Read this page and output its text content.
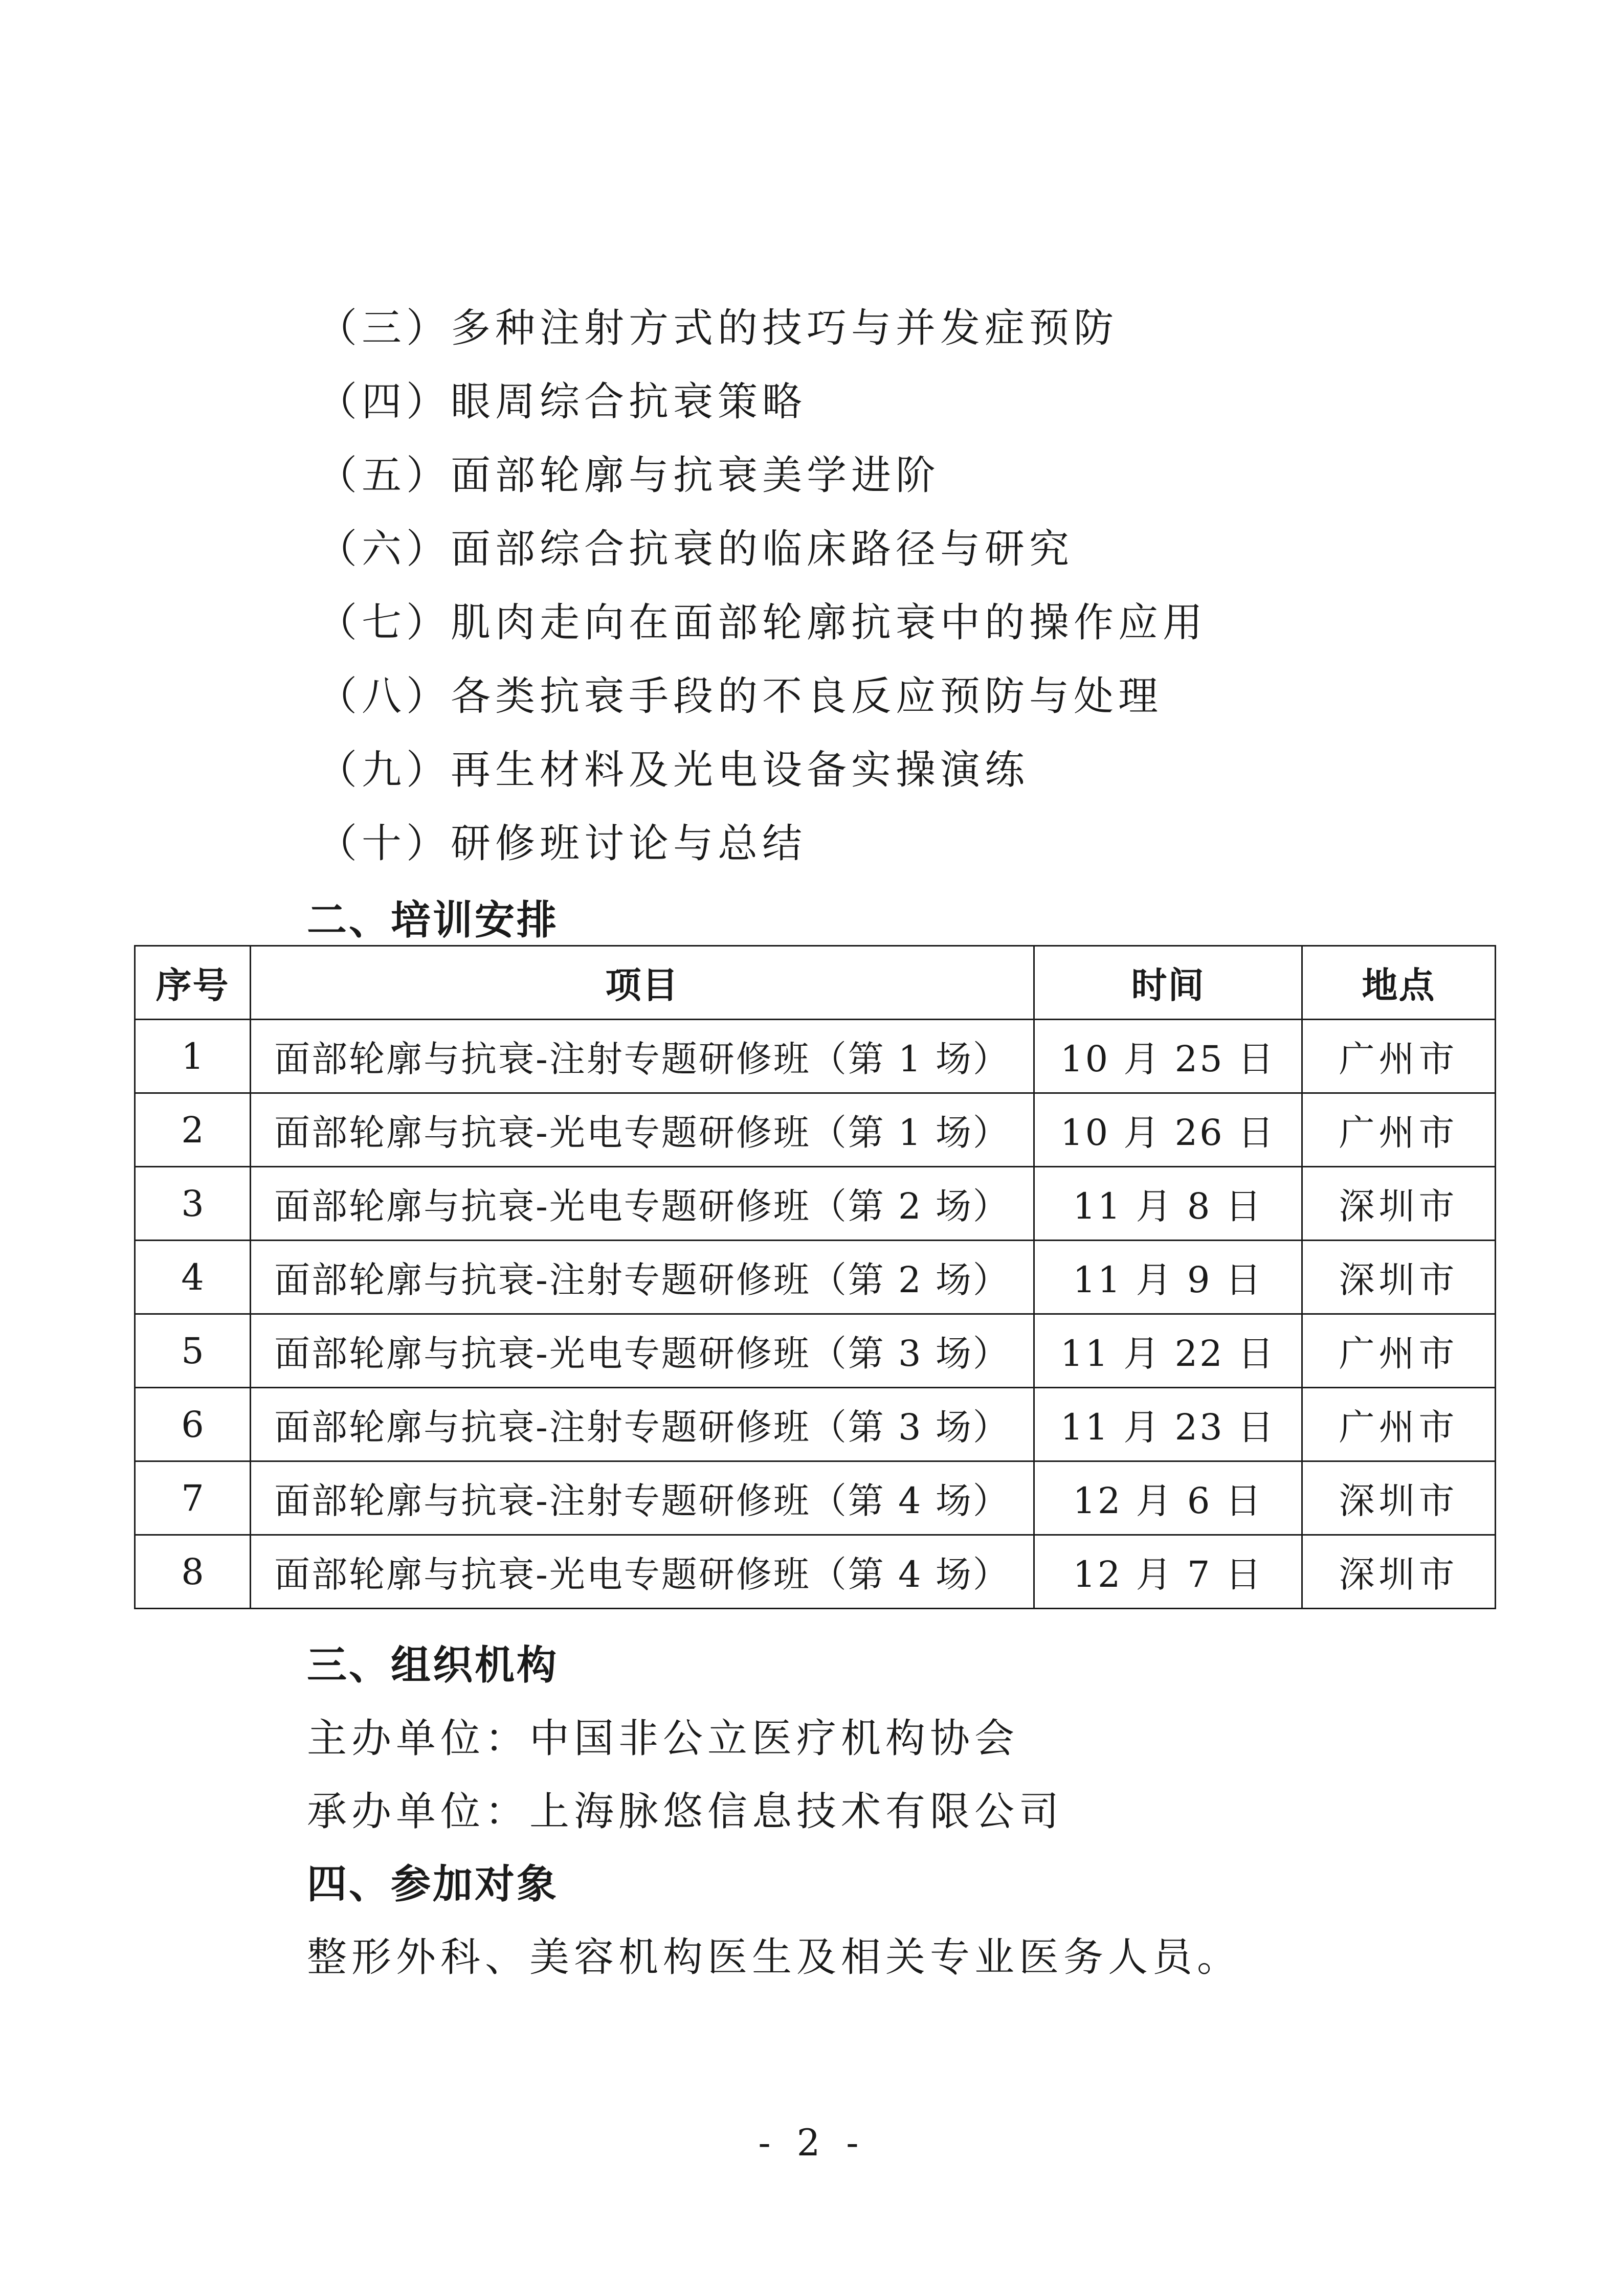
（三）多种注射方式的技巧与并发症预防
（四）眼周综合抗衰策略
（五）面部轮廓与抗衰美学进阶
（六）面部综合抗衰的临床路径与研究
（七）肌肉走向在面部轮廓抗衰中的操作应用
（八）各类抗衰手段的不良反应预防与处理
（九）再生材料及光电设备实操演练
（十）研修班讨论与总结
二、培训安排
序号	项目	时间	地点
1	面部轮廓与抗衰-注射专题研修班（第 1 场）	10 月 25 日	广州市
2	面部轮廓与抗衰-光电专题研修班（第 1 场）	10 月 26 日	广州市
3	面部轮廓与抗衰-光电专题研修班（第 2 场）	11 月 8 日	深圳市
4	面部轮廓与抗衰-注射专题研修班（第 2 场）	11 月 9 日	深圳市
5	面部轮廓与抗衰-光电专题研修班（第 3 场）	11 月 22 日	广州市
6	面部轮廓与抗衰-注射专题研修班（第 3 场）	11 月 23 日	广州市
7	面部轮廓与抗衰-注射专题研修班（第 4 场）	12 月 6 日	深圳市
8	面部轮廓与抗衰-光电专题研修班（第 4 场）	12 月 7 日	深圳市
三、组织机构
主办单位：中国非公立医疗机构协会
承办单位：上海脉悠信息技术有限公司
四、参加对象
整形外科、美容机构医生及相关专业医务人员。
- 2 -
